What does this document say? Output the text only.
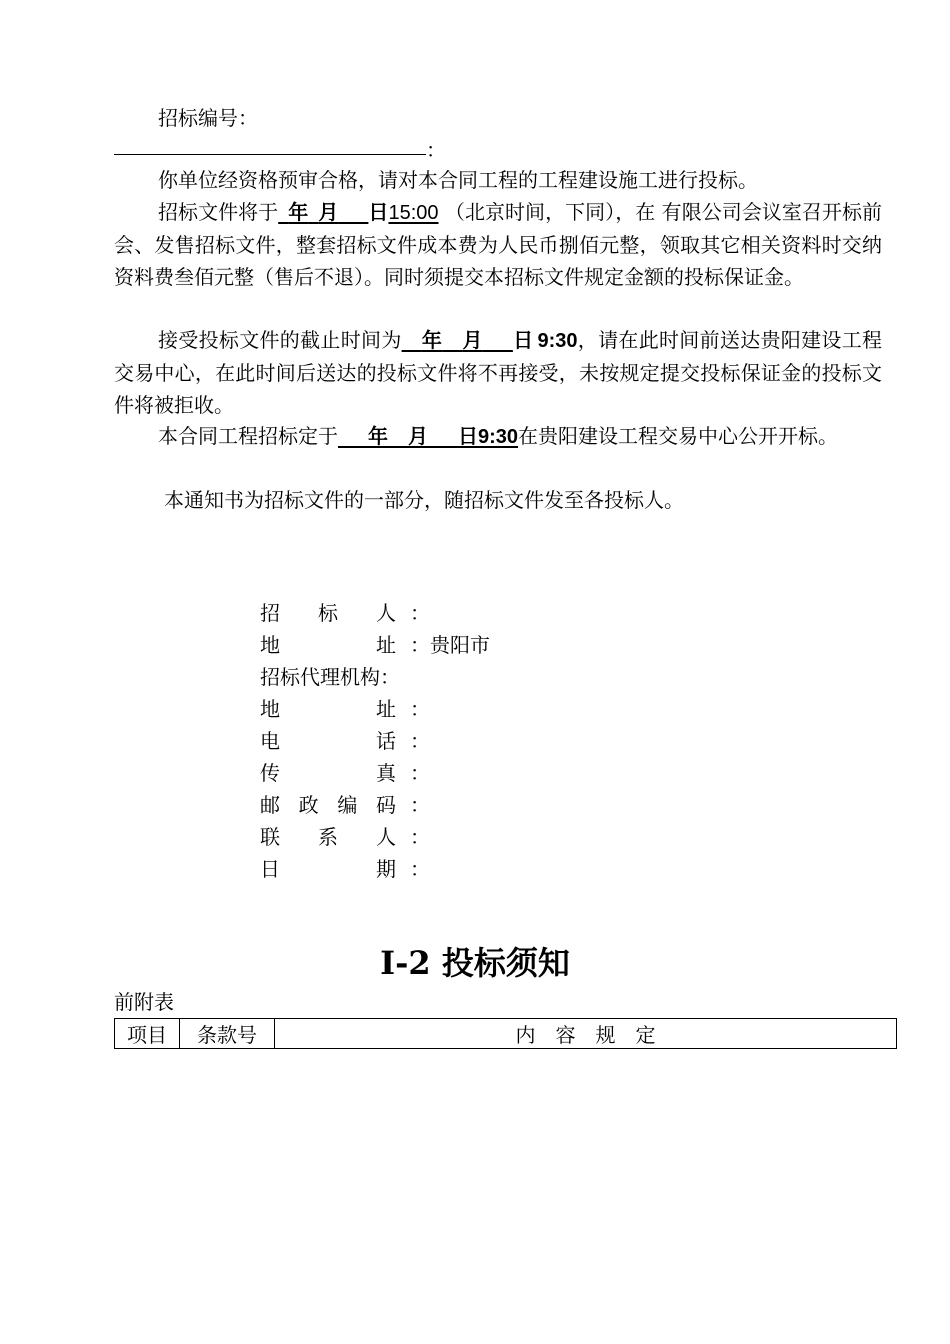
招标编号：
：
你单位经资格预审合格，请对本合同工程的工程建设施工进行投标。
招标文件将于_年_月___日15:00 （北京时间，下同），在 有限公司会议室召开标前会、发售招标文件，整套招标文件成本费为人民币捌佰元整，领取其它相关资料时交纳资料费叁佰元整（售后不退）。同时须提交本招标文件规定金额的投标保证金。
接受投标文件的截止时间为__年__月___日 9:30，请在此时间前送达贵阳建设工程交易中心，在此时间后送达的投标文件将不再接受，未按规定提交投标保证金的投标文件将被拒收。
本合同工程招标定于___年__月___日9:30在贵阳建设工程交易中心公开开标。
本通知书为招标文件的一部分，随招标文件发至各投标人。
招 标 人 ：
地	址 ： 贵阳市
招标代理机构 ：
地	址 ：
电	话 ：
传	真 ：
邮 政 编 码 ：
联 系 人 ：
日	期 ：
Ⅰ-2 投标须知
前附表
项目	条款号	内　容　规　定
